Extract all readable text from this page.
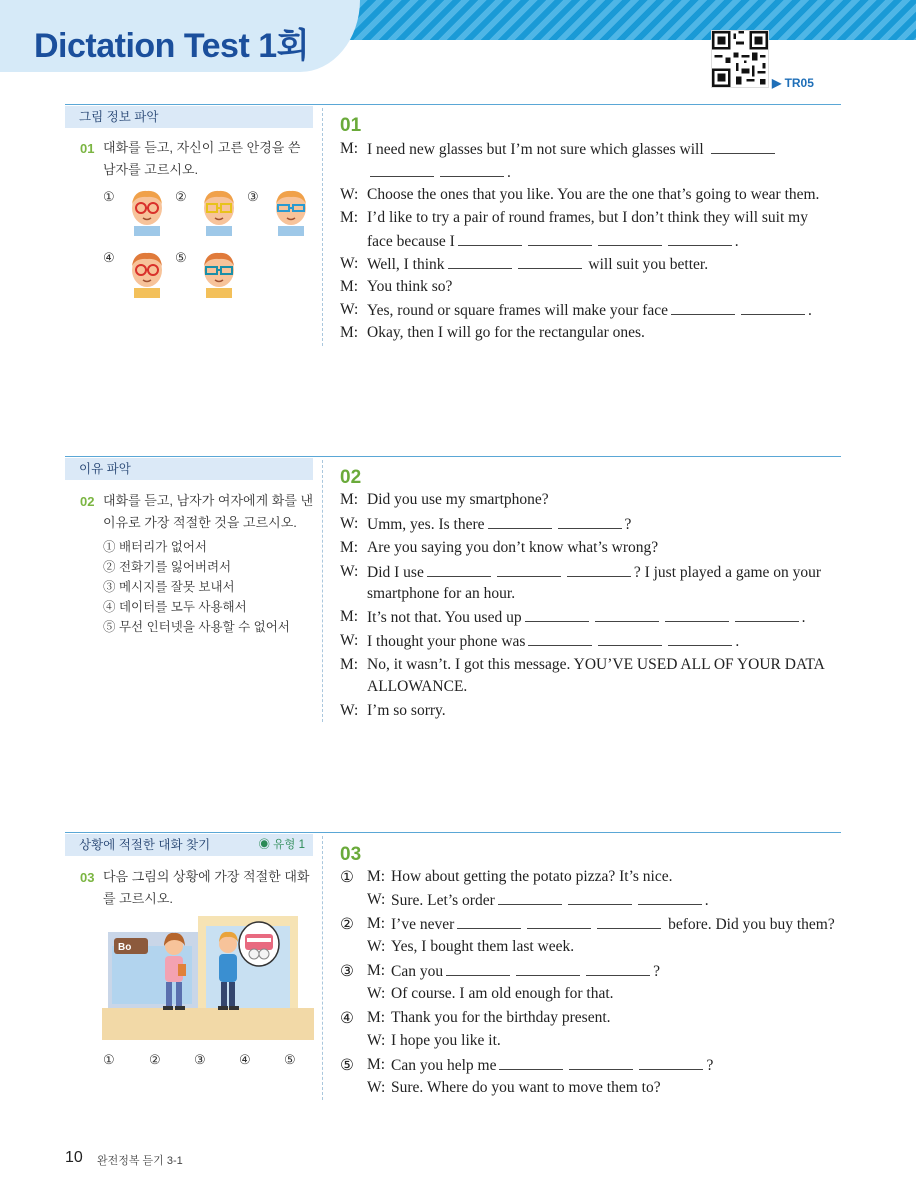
Dictation Test 1회
▶ TR05
그림 정보 파악
01 대화를 듣고, 자신이 고른 안경을 쓴 남자를 고르시오.
①	②	③
④	⑤
01
M: I need new glasses but I’m not sure which glasses will
.
W: Choose the ones that you like. You are the one that’s going to wear them.
M: I’d like to try a pair of round frames, but I don’t think they will suit my
face because I	.
W: Well, I think	will suit you better.
M: You think so?
W: Yes, round or square frames will make your face	.
M: Okay, then I will go for the rectangular ones.
이유 파악
02 대화를 듣고, 남자가 여자에게 화를 낸 이유로 가장 적절한 것을 고르시오.
① 배터리가 없어서
② 전화기를 잃어버려서
③ 메시지를 잘못 보내서
④ 데이터를 모두 사용해서
⑤ 무선 인터넷을 사용할 수 없어서
02
M: Did you use my smartphone?
W: Umm, yes. Is there	?
M: Are you saying you don’t know what’s wrong?
W: Did I use	? I just played a game on your
smartphone for an hour.
M: It’s not that. You used up	.
W: I thought your phone was	.
M: No, it wasn’t. I got this message. YOU’VE USED ALL OF YOUR DATA
ALLOWANCE.
W: I’m so sorry.
상황에 적절한 대화 찾기	◉ 유형 1
03 다음 그림의 상황에 가장 적절한 대화를 고르시오.
Bo
①	②	③	④	⑤
03
① M: How about getting the potato pizza? It’s nice.
W: Sure. Let’s order	.
② M: I’ve never	before. Did you buy them?
W: Yes, I bought them last week.
③ M: Can you	?
W: Of course. I am old enough for that.
④ M: Thank you for the birthday present.
W: I hope you like it.
⑤ M: Can you help me	?
W: Sure. Where do you want to move them to?
10 완전정복 듣기 3-1
